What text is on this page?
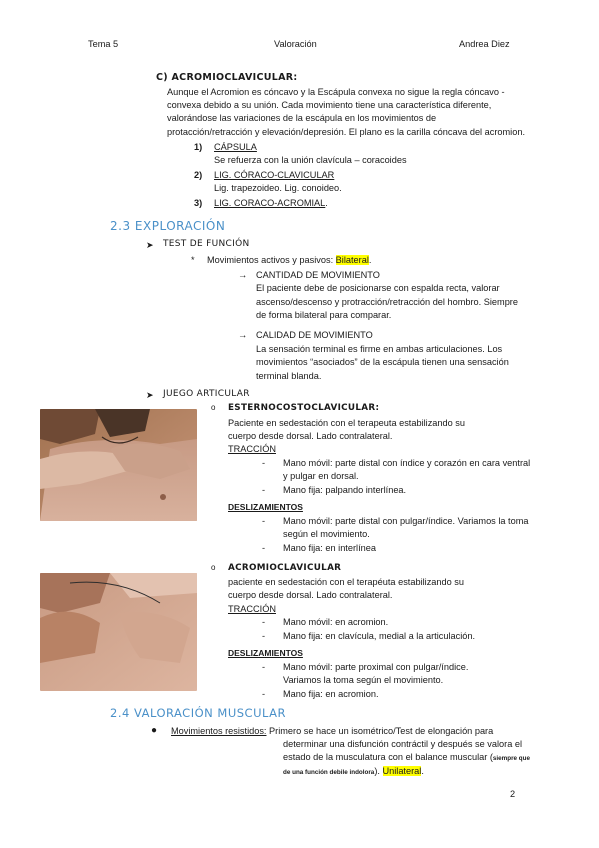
Tema 5	Valoración	Andrea Diez
C) ACROMIOCLAVICULAR:
Aunque el Acromion es cóncavo y la Escápula convexa no sigue la regla cóncavo -
convexa debido a su unión. Cada movimiento tiene una característica diferente,
valorándose las variaciones de la escápula en los movimientos de
protacción/retracción y elevación/depresión. El plano es la carilla cóncava del acromion.
1) CÁPSULA
Se refuerza con la unión clavícula – coracoides
2) LIG. CÓRACO-CLAVICULAR
Lig. trapezoideo. Lig. conoideo.
3) LIG. CORACO-ACROMIAL.
2.3 EXPLORACIÓN
➤ TEST DE FUNCIÓN
* Movimientos activos y pasivos: Bilateral.
→ CANTIDAD DE MOVIMIENTO
El paciente debe de posicionarse con espalda recta, valorar
ascenso/descenso y protracción/retracción del hombro. Siempre
de forma bilateral para comparar.
→ CALIDAD DE MOVIMIENTO
La sensación terminal es firme en ambas articulaciones. Los
movimientos “asociados” de la escápula tienen una sensación
terminal blanda.
➤ JUEGO ARTICULAR
o ESTERNOCOSTOCLAVICULAR:
Paciente en sedestación con el terapeuta estabilizando su
cuerpo desde dorsal. Lado contralateral.
TRACCIÓN
- Mano móvil: parte distal con índice y corazón en cara ventral
y pulgar en dorsal.
- Mano fija: palpando interlínea.
DESLIZAMIENTOS
- Mano móvil: parte distal con pulgar/índice. Variamos la toma
según el movimiento.
- Mano fija: en interlínea
o ACROMIOCLAVICULAR
paciente en sedestación con el terapéuta estabilizando su
cuerpo desde dorsal. Lado contralateral.
TRACCIÓN
- Mano móvil: en acromion.
- Mano fija: en clavícula, medial a la articulación.
DESLIZAMIENTOS
- Mano móvil: parte proximal con pulgar/índice.
Variamos la toma según el movimiento.
- Mano fija: en acromion.
2.4 VALORACIÓN MUSCULAR
● Movimientos resistidos: Primero se hace un isométrico/Test de elongación para
determinar una disfunción contráctil y después se valora el
estado de la musculatura con el balance muscular (siempre que
de una función debile indolora). Unilateral.
2
